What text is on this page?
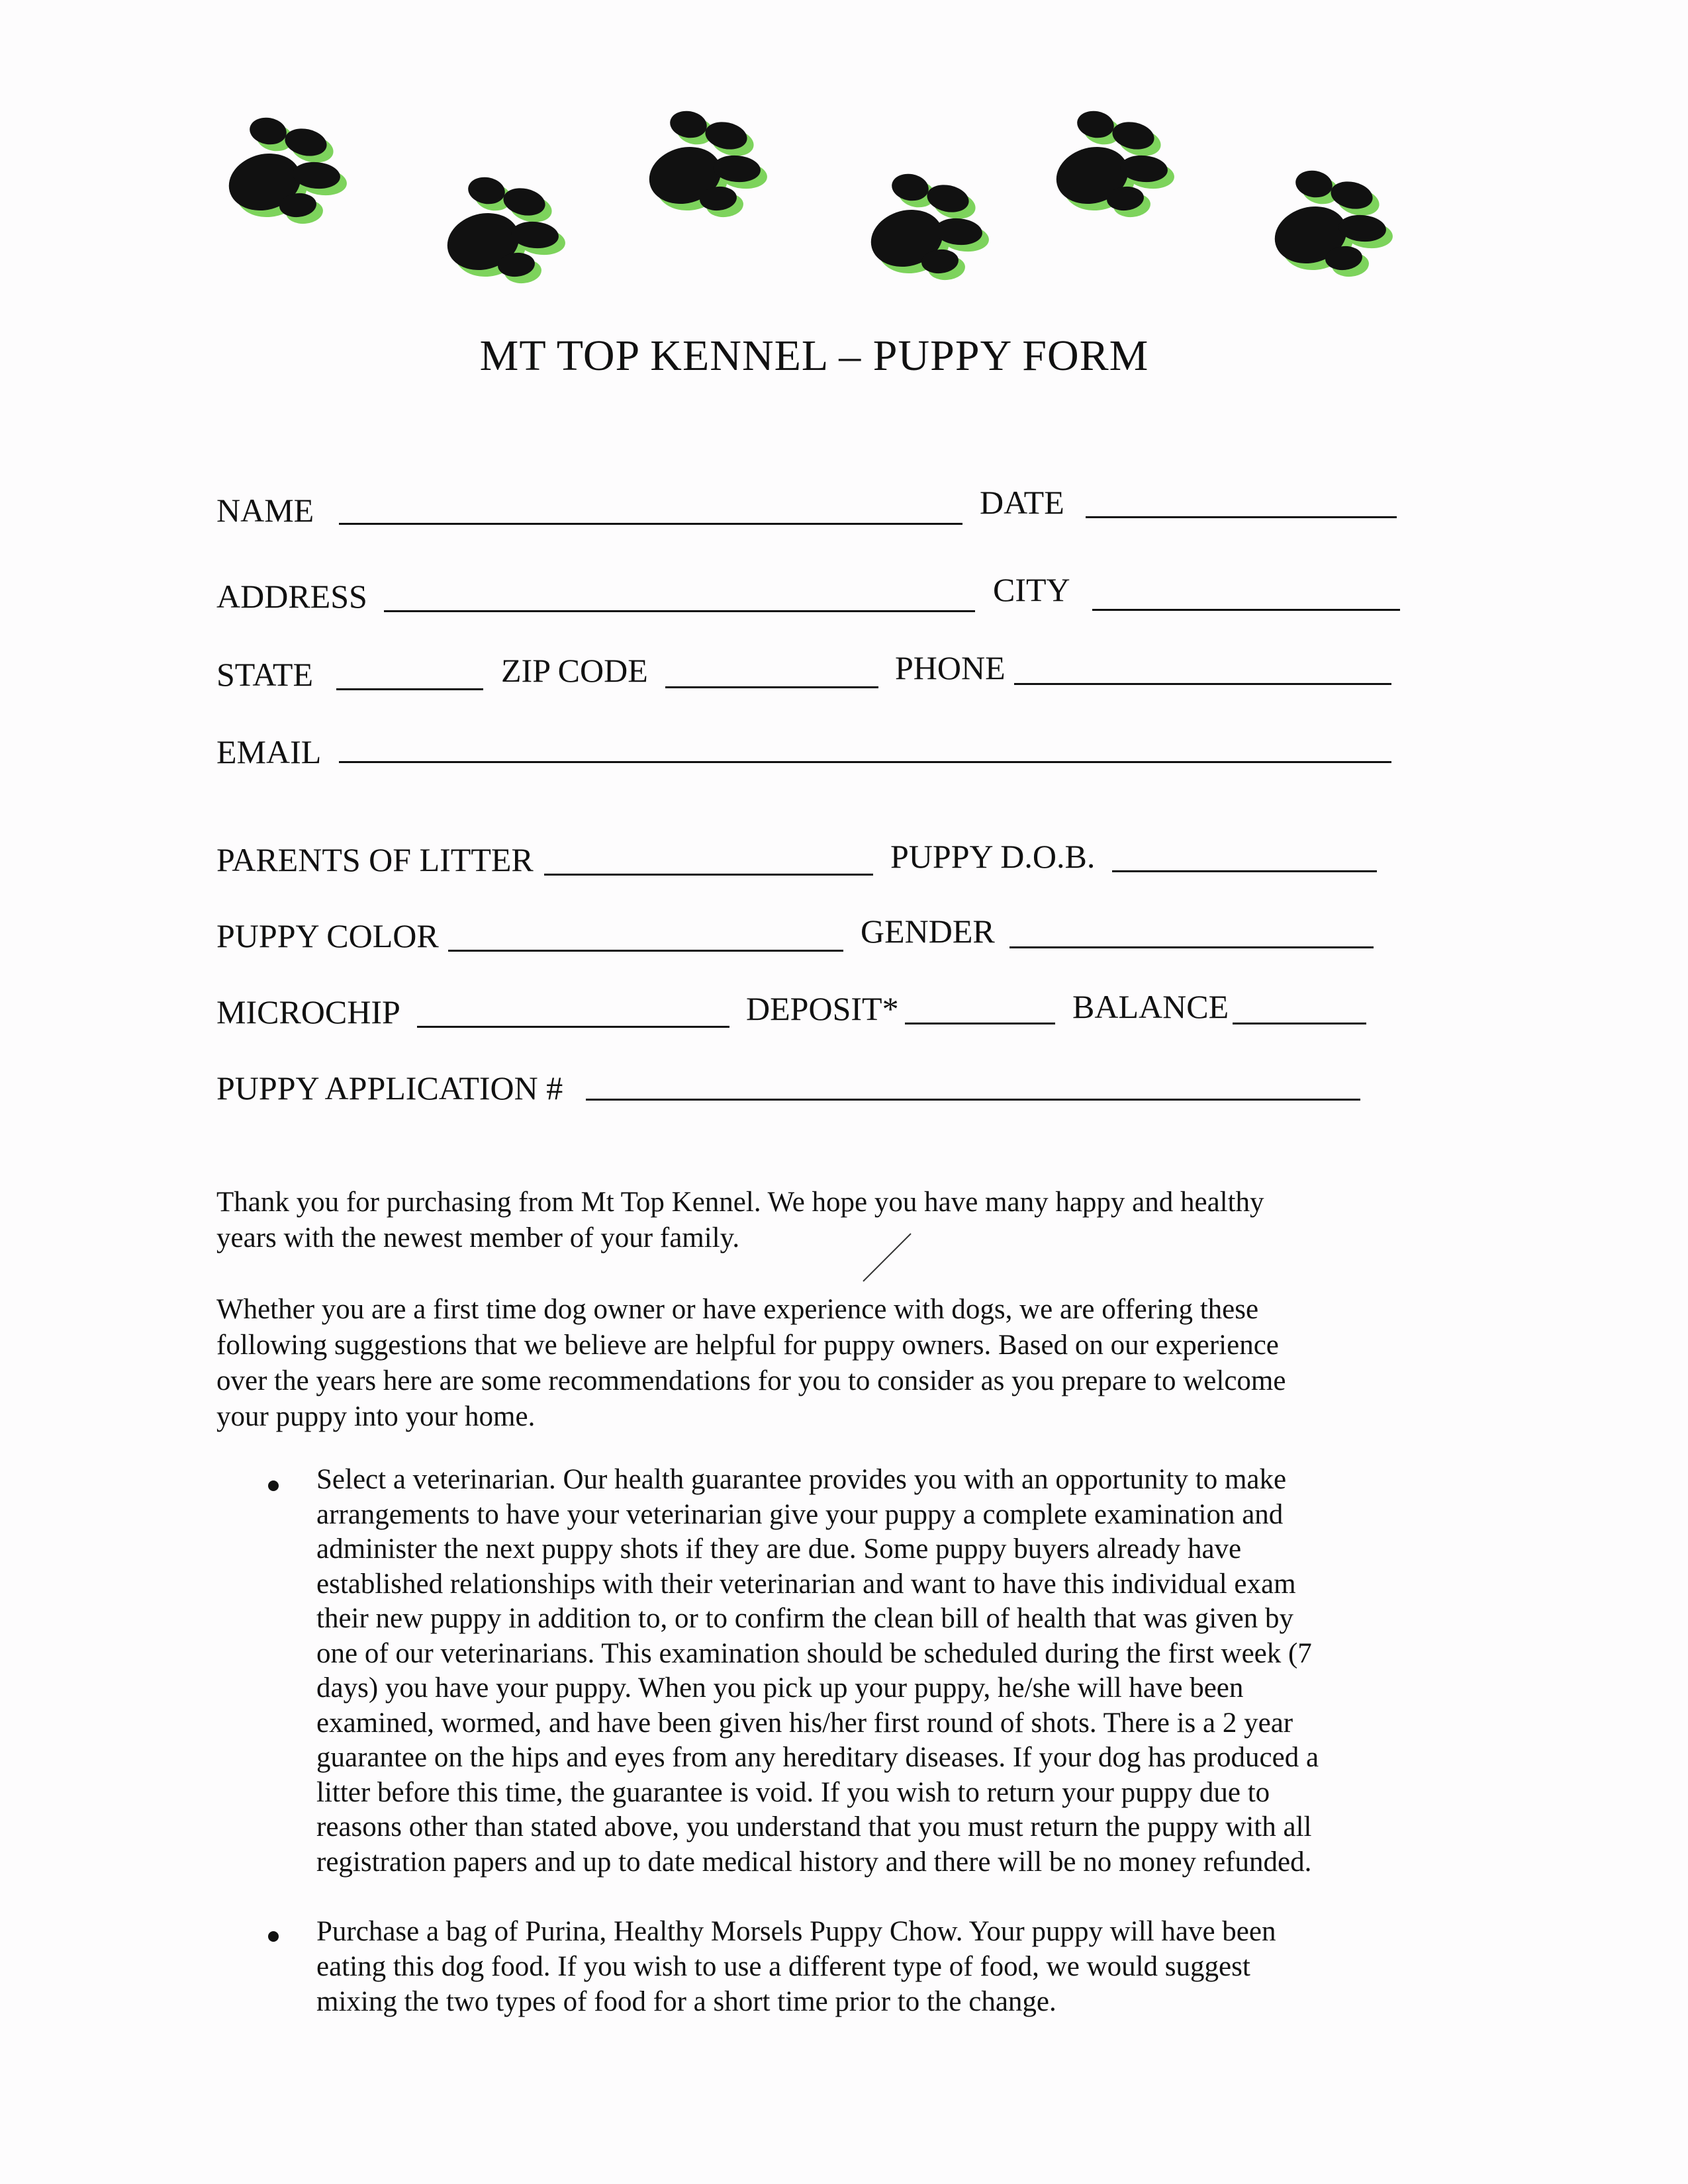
MT TOP KENNEL – PUPPY FORM
NAME	DATE
ADDRESS	CITY
STATE	ZIP CODE	PHONE
EMAIL
PARENTS OF LITTER	PUPPY D.O.B.
PUPPY COLOR	GENDER
MICROCHIP	DEPOSIT*	BALANCE
PUPPY APPLICATION #

Thank you for purchasing from Mt Top Kennel. We hope you have many happy and healthy

years with the newest member of your family.

Whether you are a first time dog owner or have experience with dogs, we are offering these

following suggestions that we believe are helpful for puppy owners. Based on our experience

over the years here are some recommendations for you to consider as you prepare to welcome

your puppy into your home.

Select a veterinarian. Our health guarantee provides you with an opportunity to make

arrangements to have your veterinarian give your puppy a complete examination and

administer the next puppy shots if they are due. Some puppy buyers already have

established relationships with their veterinarian and want to have this individual exam

their new puppy in addition to, or to confirm the clean bill of health that was given by

one of our veterinarians. This examination should be scheduled during the first week (7

days) you have your puppy. When you pick up your puppy, he/she will have been

examined, wormed, and have been given his/her first round of shots. There is a 2 year

guarantee on the hips and eyes from any hereditary diseases. If your dog has produced a

litter before this time, the guarantee is void. If you wish to return your puppy due to

reasons other than stated above, you understand that you must return the puppy with all

registration papers and up to date medical history and there will be no money refunded.

Purchase a bag of Purina, Healthy Morsels Puppy Chow. Your puppy will have been

eating this dog food. If you wish to use a different type of food, we would suggest

mixing the two types of food for a short time prior to the change.
